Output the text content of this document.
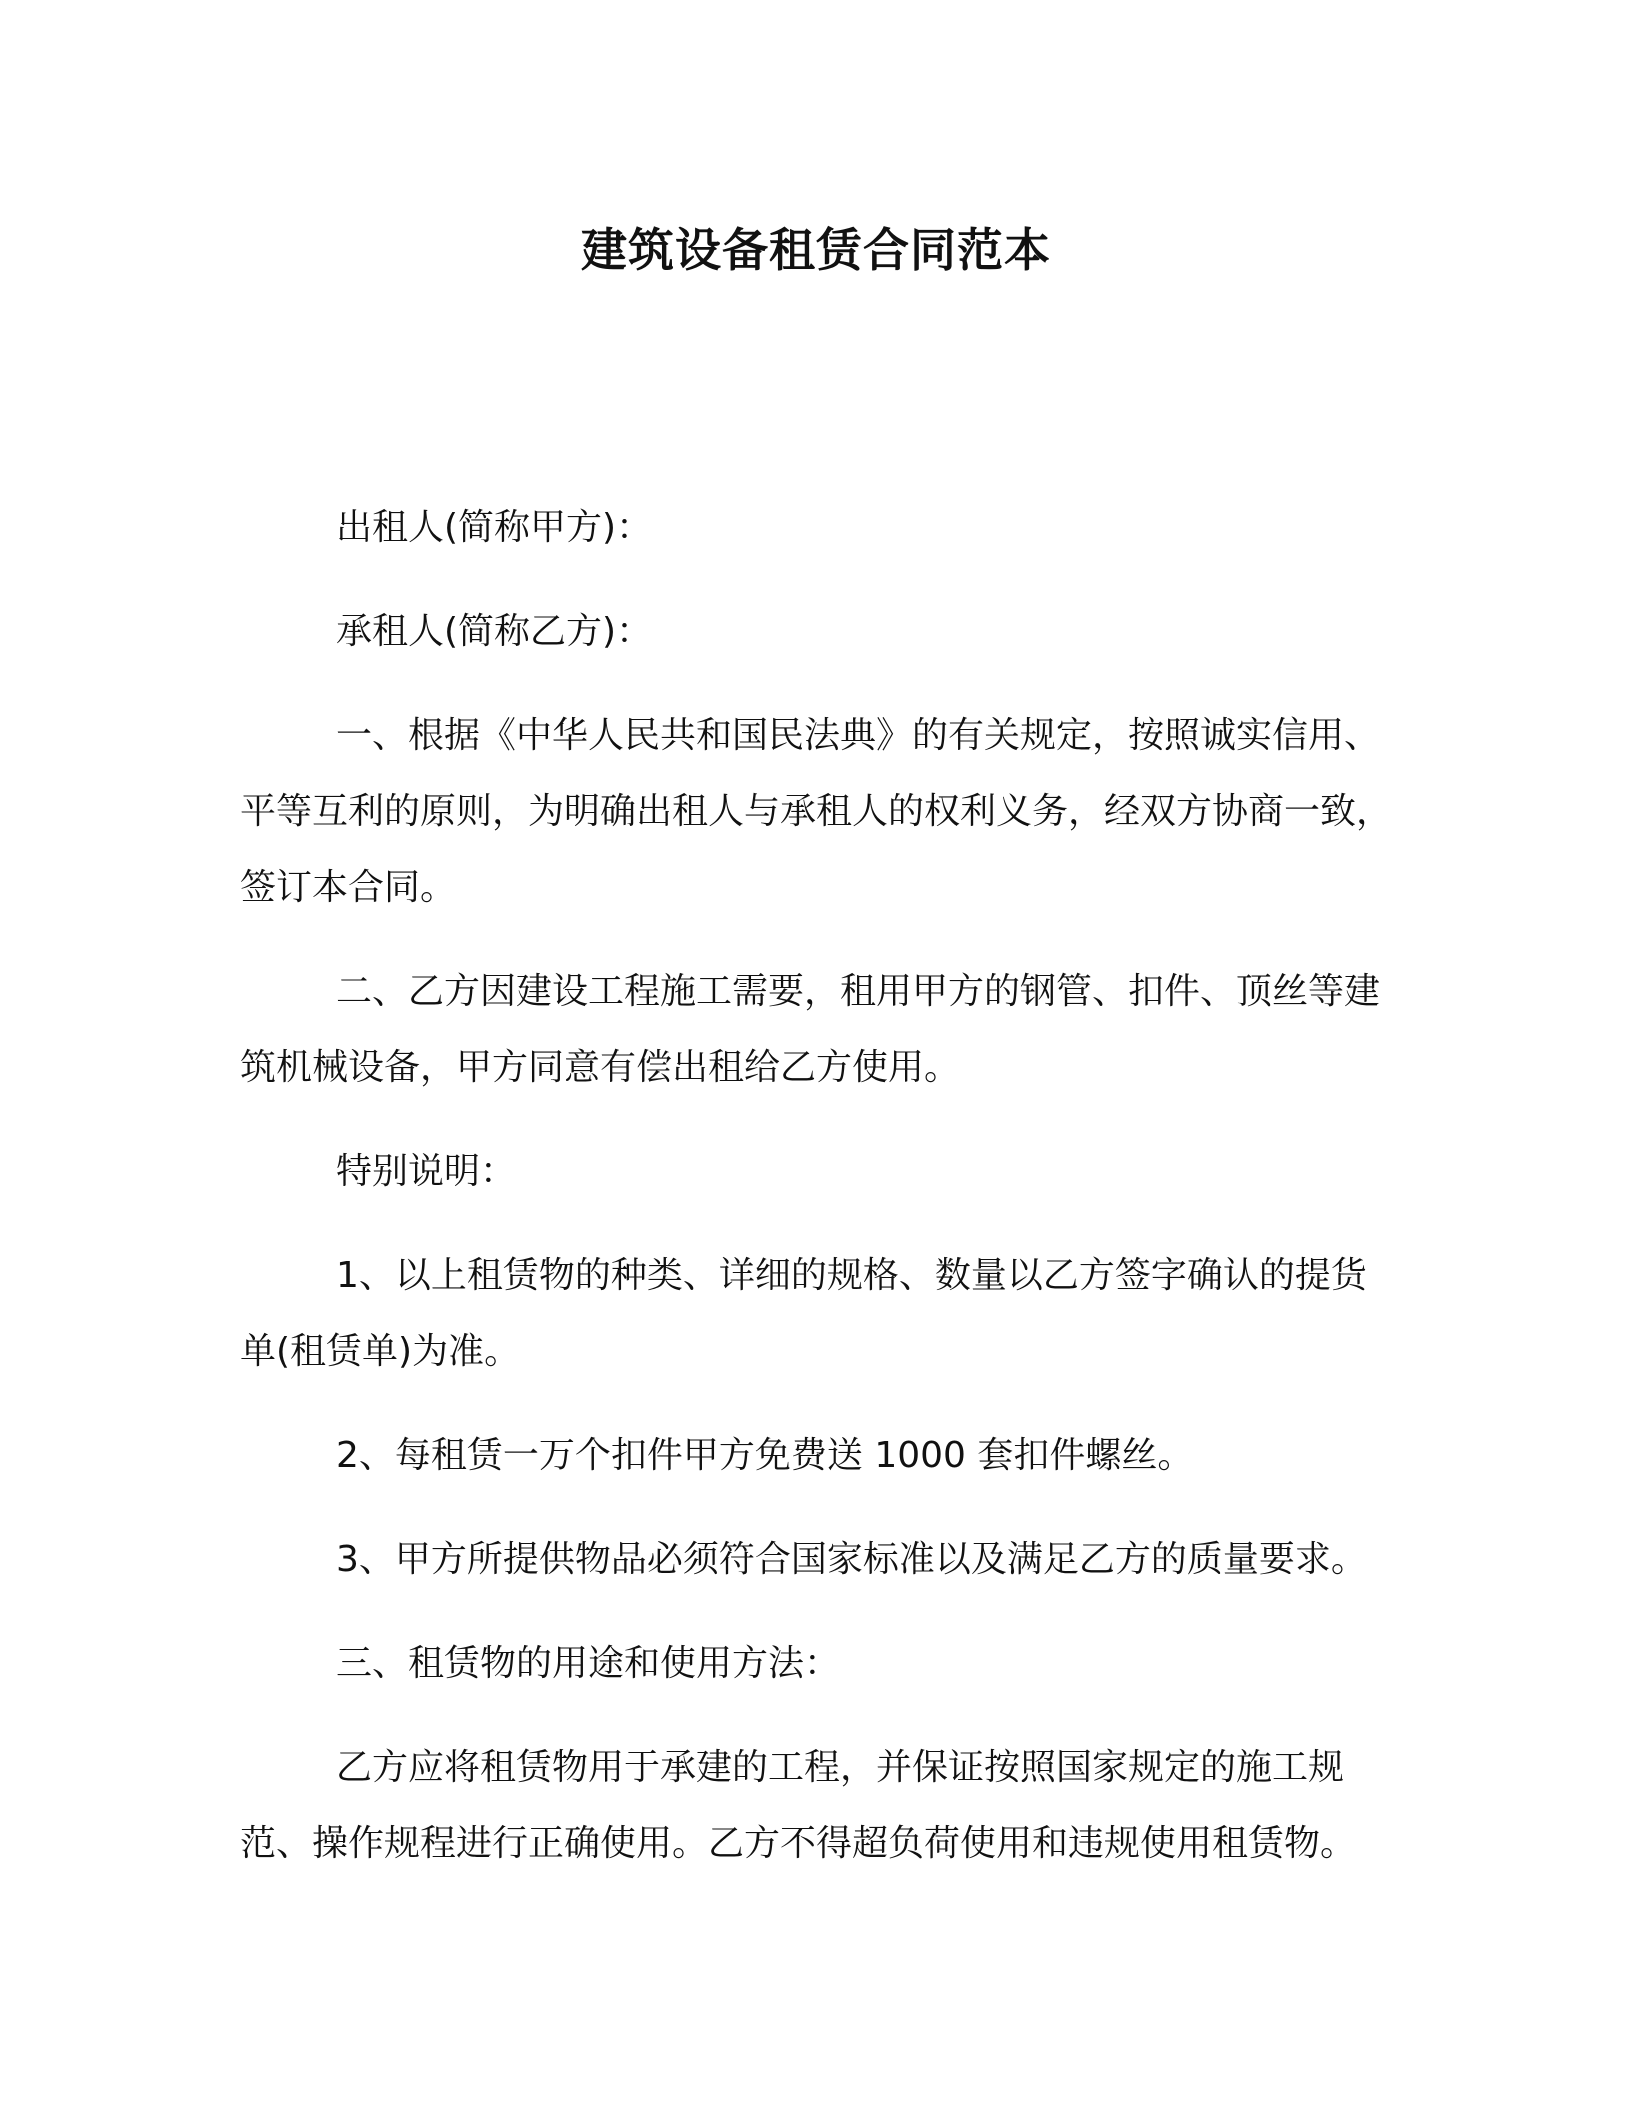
建筑设备租赁合同范本

出租人(简称甲方)：

承租人(简称乙方)：

一、根据《中华人民共和国民法典》的有关规定，按照诚实信用、平等互利的原则，为明确出租人与承租人的权利义务，经双方协商一致，签订本合同。

二、乙方因建设工程施工需要，租用甲方的钢管、扣件、顶丝等建筑机械设备，甲方同意有偿出租给乙方使用。

特别说明：

1、以上租赁物的种类、详细的规格、数量以乙方签字确认的提货单(租赁单)为准。

2、每租赁一万个扣件甲方免费送 1000 套扣件螺丝。

3、甲方所提供物品必须符合国家标准以及满足乙方的质量要求。

三、租赁物的用途和使用方法：

乙方应将租赁物用于承建的工程，并保证按照国家规定的施工规范、操作规程进行正确使用。乙方不得超负荷使用和违规使用租赁物。
